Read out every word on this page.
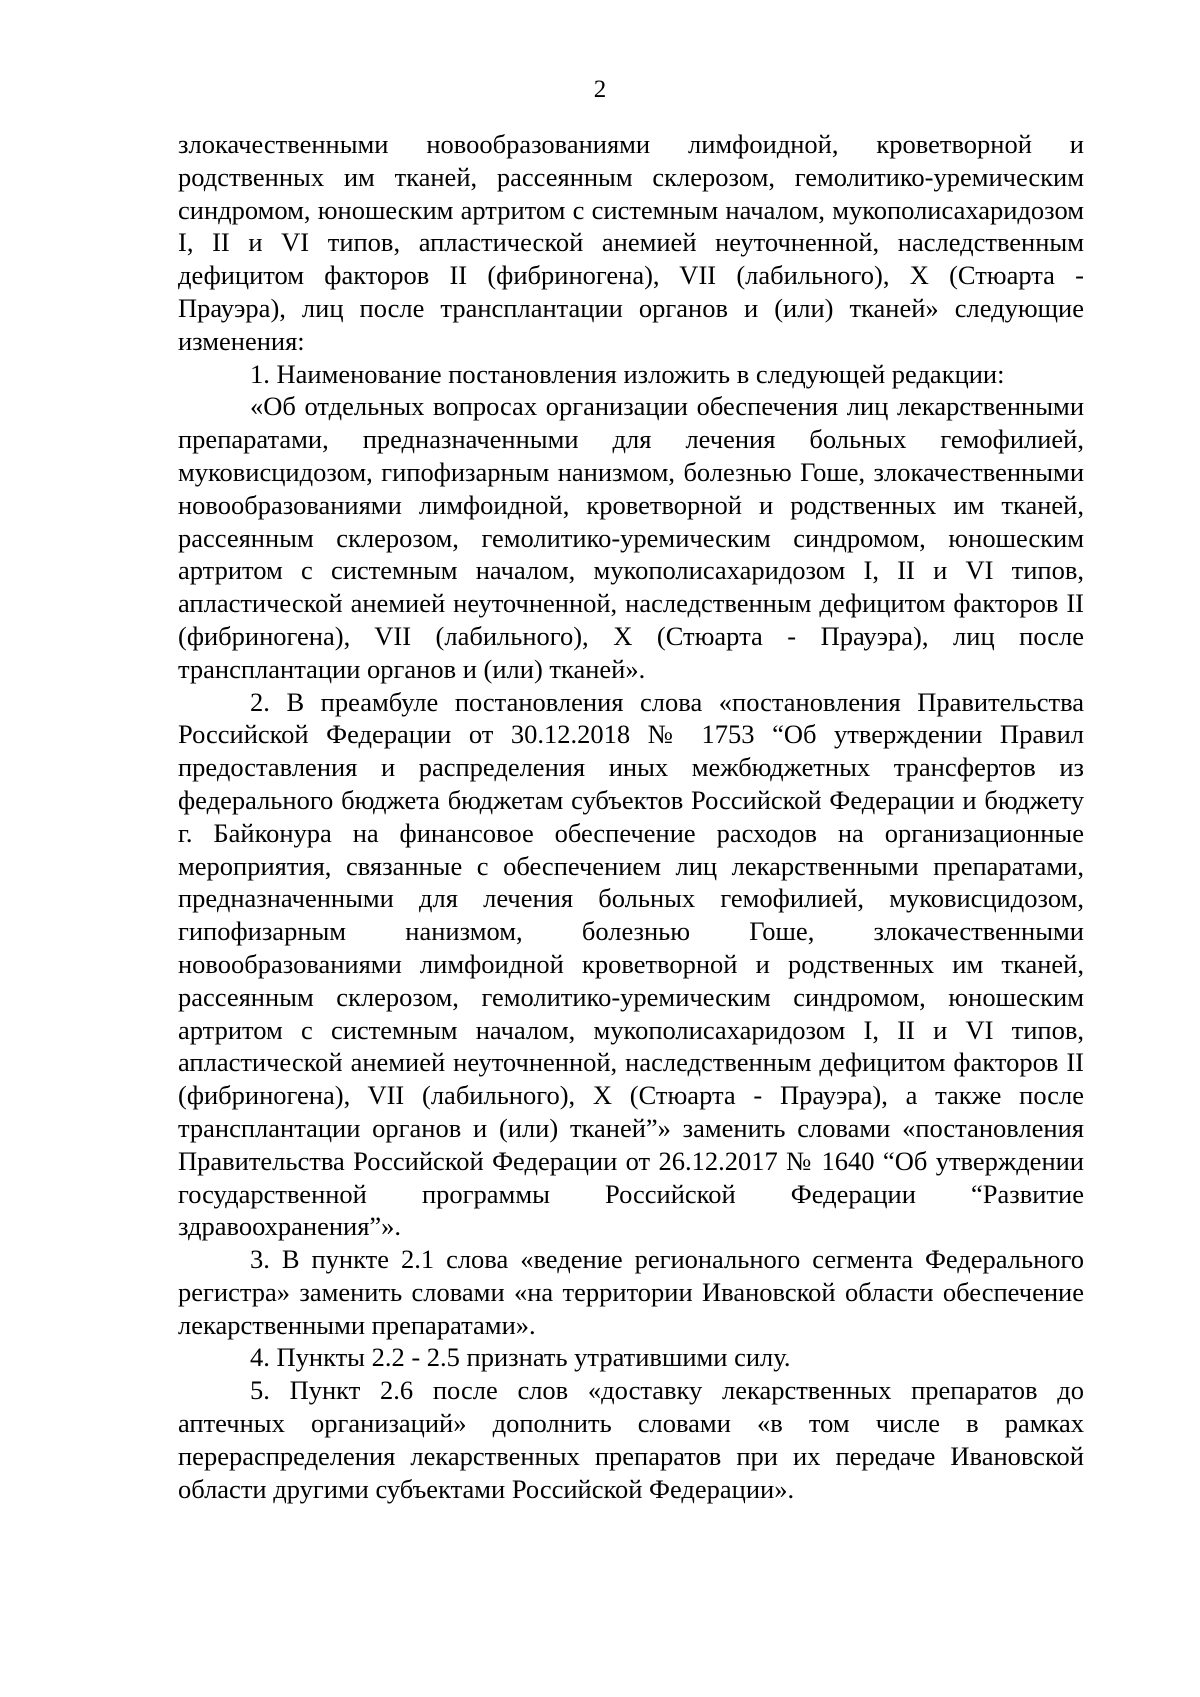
2

злокачественными новообразованиями лимфоидной, кроветворной и родственных им тканей, рассеянным склерозом, гемолитико-уремическим синдромом, юношеским артритом с системным началом, мукополисахаридозом I, II и VI типов, апластической анемией неуточненной, наследственным дефицитом факторов II (фибриногена), VII (лабильного), X (Стюарта - Прауэра), лиц после трансплантации органов и (или) тканей» следующие изменения:

1. Наименование постановления изложить в следующей редакции:

«Об отдельных вопросах организации обеспечения лиц лекарственными препаратами, предназначенными для лечения больных гемофилией, муковисцидозом, гипофизарным нанизмом, болезнью Гоше, злокачественными новообразованиями лимфоидной, кроветворной и родственных им тканей, рассеянным склерозом, гемолитико-уремическим синдромом, юношеским артритом с системным началом, мукополисахаридозом I, II и VI типов, апластической анемией неуточненной, наследственным дефицитом факторов II (фибриногена), VII (лабильного), X (Стюарта - Прауэра), лиц после трансплантации органов и (или) тканей».

2. В преамбуле постановления слова «постановления Правительства Российской Федерации от 30.12.2018 № 1753 “Об утверждении Правил предоставления и распределения иных межбюджетных трансфертов из федерального бюджета бюджетам субъектов Российской Федерации и бюджету г. Байконура на финансовое обеспечение расходов на организационные мероприятия, связанные с обеспечением лиц лекарственными препаратами, предназначенными для лечения больных гемофилией, муковисцидозом, гипофизарным нанизмом, болезнью Гоше, злокачественными новообразованиями лимфоидной кроветворной и родственных им тканей, рассеянным склерозом, гемолитико-уремическим синдромом, юношеским артритом с системным началом, мукополисахаридозом I, II и VI типов, апластической анемией неуточненной, наследственным дефицитом факторов II (фибриногена), VII (лабильного), X (Стюарта - Прауэра), а также после трансплантации органов и (или) тканей”» заменить словами «постановления Правительства Российской Федерации от 26.12.2017 № 1640 “Об утверждении государственной программы Российской Федерации “Развитие здравоохранения”».

3. В пункте 2.1 слова «ведение регионального сегмента Федерального регистра» заменить словами «на территории Ивановской области обеспечение лекарственными препаратами».

4. Пункты 2.2 - 2.5 признать утратившими силу.

5. Пункт 2.6 после слов «доставку лекарственных препаратов до аптечных организаций» дополнить словами «в том числе в рамках перераспределения лекарственных препаратов при их передаче Ивановской области другими субъектами Российской Федерации».
